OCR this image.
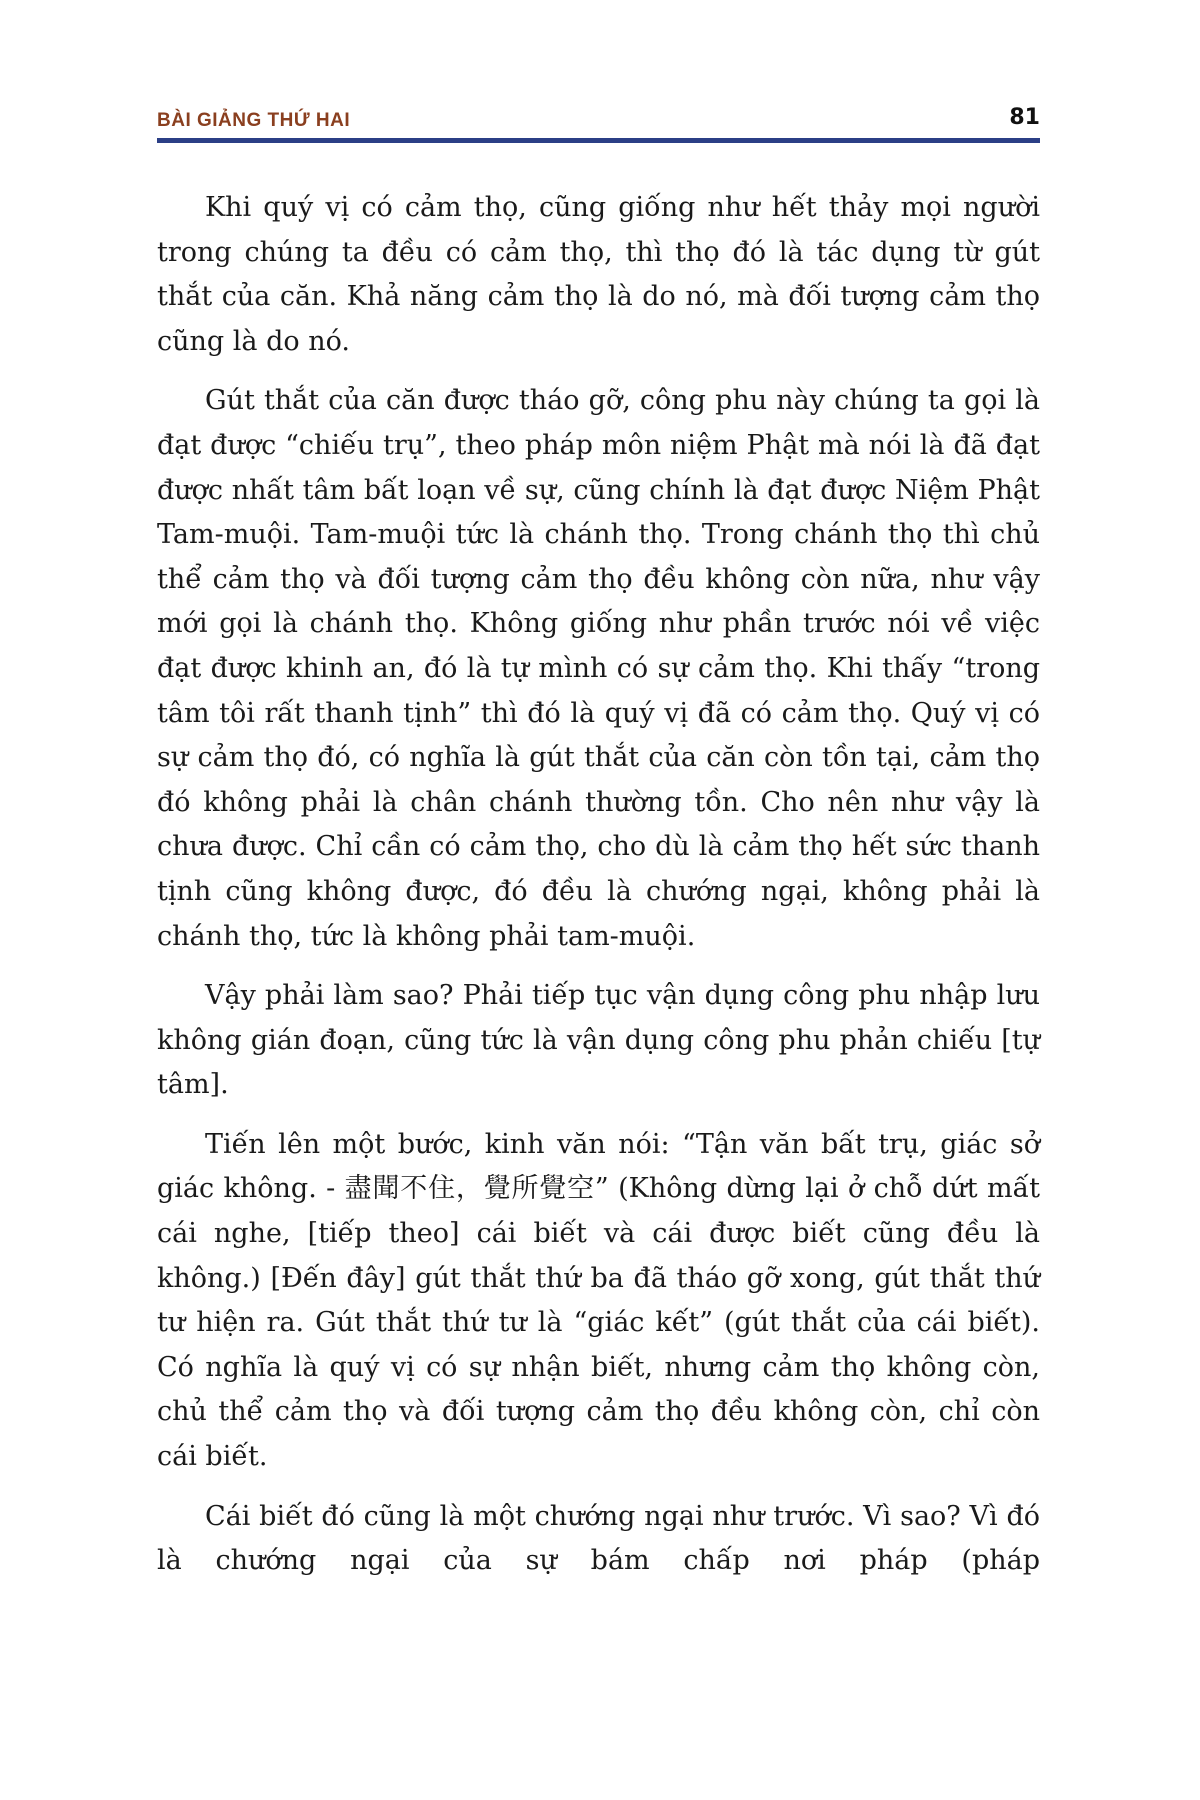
BÀI GIẢNG THỨ HAI	81

Khi quý vị có cảm thọ, cũng giống như hết thảy mọi người trong chúng ta đều có cảm thọ, thì thọ đó là tác dụng từ gút thắt của căn. Khả năng cảm thọ là do nó, mà đối tượng cảm thọ cũng là do nó.

Gút thắt của căn được tháo gỡ, công phu này chúng ta gọi là đạt được “chiếu trụ”, theo pháp môn niệm Phật mà nói là đã đạt được nhất tâm bất loạn về sự, cũng chính là đạt được Niệm Phật Tam-muội. Tam-muội tức là chánh thọ. Trong chánh thọ thì chủ thể cảm thọ và đối tượng cảm thọ đều không còn nữa, như vậy mới gọi là chánh thọ. Không giống như phần trước nói về việc đạt được khinh an, đó là tự mình có sự cảm thọ. Khi thấy “trong tâm tôi rất thanh tịnh” thì đó là quý vị đã có cảm thọ. Quý vị có sự cảm thọ đó, có nghĩa là gút thắt của căn còn tồn tại, cảm thọ đó không phải là chân chánh thường tồn. Cho nên như vậy là chưa được. Chỉ cần có cảm thọ, cho dù là cảm thọ hết sức thanh tịnh cũng không được, đó đều là chướng ngại, không phải là chánh thọ, tức là không phải tam-muội.

Vậy phải làm sao? Phải tiếp tục vận dụng công phu nhập lưu không gián đoạn, cũng tức là vận dụng công phu phản chiếu [tự tâm].

Tiến lên một bước, kinh văn nói: “Tận văn bất trụ, giác sở giác không. - 盡聞不住，覺所覺空” (Không dừng lại ở chỗ dứt mất cái nghe, [tiếp theo] cái biết và cái được biết cũng đều là không.) [Đến đây] gút thắt thứ ba đã tháo gỡ xong, gút thắt thứ tư hiện ra. Gút thắt thứ tư là “giác kết” (gút thắt của cái biết). Có nghĩa là quý vị có sự nhận biết, nhưng cảm thọ không còn, chủ thể cảm thọ và đối tượng cảm thọ đều không còn, chỉ còn cái biết.

Cái biết đó cũng là một chướng ngại như trước. Vì sao? Vì đó là chướng ngại của sự bám chấp nơi pháp (pháp
